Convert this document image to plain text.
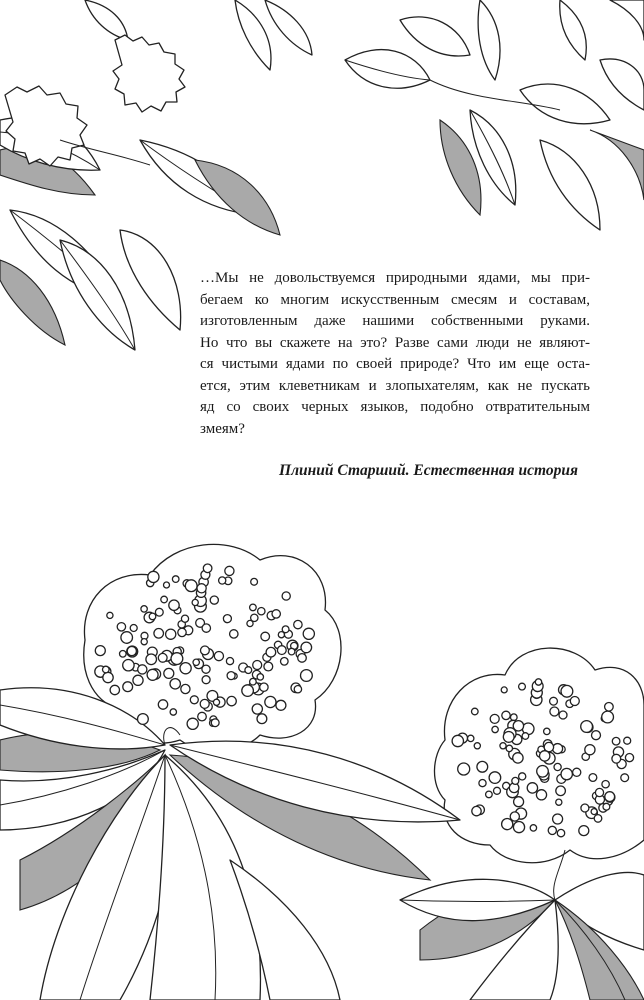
…Мы не довольствуемся природными ядами, мы при-
бегаем ко многим искусственным смесям и составам,
изготовленным даже нашими собственными руками.
Но что вы скажете на это? Разве сами люди не являют-
ся чистыми ядами по своей природе? Что им еще оста-
ется, этим клеветникам и злопыхателям, как не пускать
яд со своих черных языков, подобно отвратительным
змеям?
Плиний Старший. Естественная история
